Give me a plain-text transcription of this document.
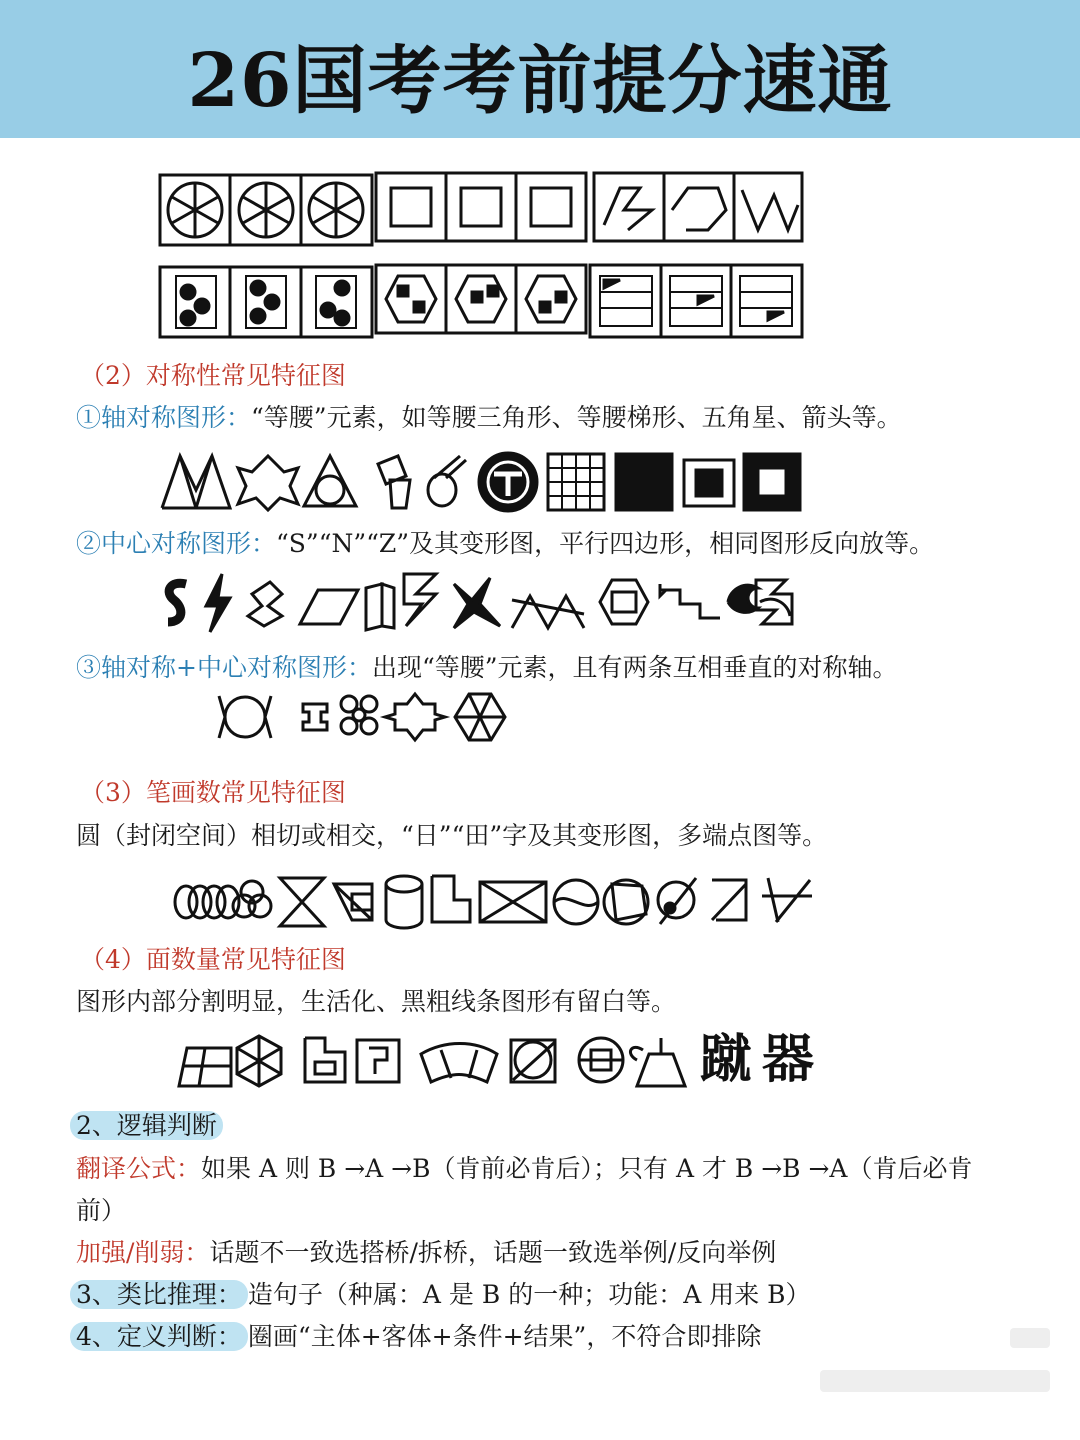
26国考考前提分速通
（2）对称性常见特征图
①轴对称图形：“等腰”元素，如等腰三角形、等腰梯形、五角星、箭头等。
②中心对称图形：“S”“N”“Z”及其变形图，平行四边形，相同图形反向放等。
③轴对称+中心对称图形：出现“等腰”元素，且有两条互相垂直的对称轴。
（3）笔画数常见特征图
圆（封闭空间）相切或相交，“日”“田”字及其变形图，多端点图等。
（4）面数量常见特征图
图形内部分割明显，生活化、黑粗线条图形有留白等。
蹴 器
2、逻辑判断
翻译公式：如果 A 则 B →A →B（肯前必肯后）；只有 A 才 B →B →A（肯后必肯
前）
加强/削弱：话题不一致选搭桥/拆桥，话题一致选举例/反向举例
3、类比推理： 造句子（种属：A 是 B 的一种；功能：A 用来 B）
4、定义判断： 圈画“主体+客体+条件+结果”，不符合即排除
